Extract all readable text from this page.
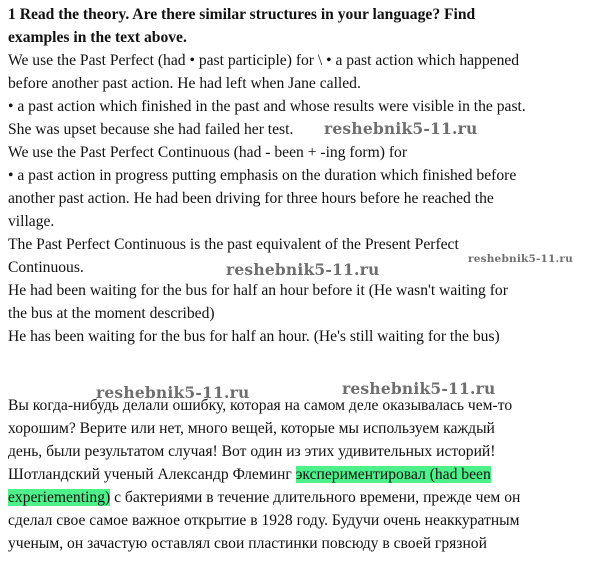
1 Read the theory. Are there similar structures in your language? Find

examples in the text above.

We use the Past Perfect (had • past participle) for \ • a past action which happened

before another past action. He had left when Jane called.

• a past action which finished in the past and whose results were visible in the past.

She was upset because she had failed her test.

We use the Past Perfect Continuous (had - been + -ing form) for

• a past action in progress putting emphasis on the duration which finished before

another past action. He had been driving for three hours before he reached the

village.

The Past Perfect Continuous is the past equivalent of the Present Perfect

Continuous.

He had been waiting for the bus for half an hour before it (He wasn't waiting for

the bus at the moment described)

He has been waiting for the bus for half an hour. (He's still waiting for the bus)

Вы когда-нибудь делали ошибку, которая на самом деле оказывалась чем-то

хорошим? Верите или нет, много вещей, которые мы используем каждый

день, были результатом случая! Вот один из этих удивительных историй!

Шотландский ученый Александр Флеминг экспериментировал (had been

experiementing) с бактериями в течение длительного времени, прежде чем он

сделал свое самое важное открытие в 1928 году. Будучи очень неаккуратным

ученым, он зачастую оставлял свои пластинки повсюду в своей грязной

reshebnik5-11.ru
reshebnik5-11.ru
reshebnik5-11.ru
reshebnik5-11.ru	reshebnik5-11.ru
